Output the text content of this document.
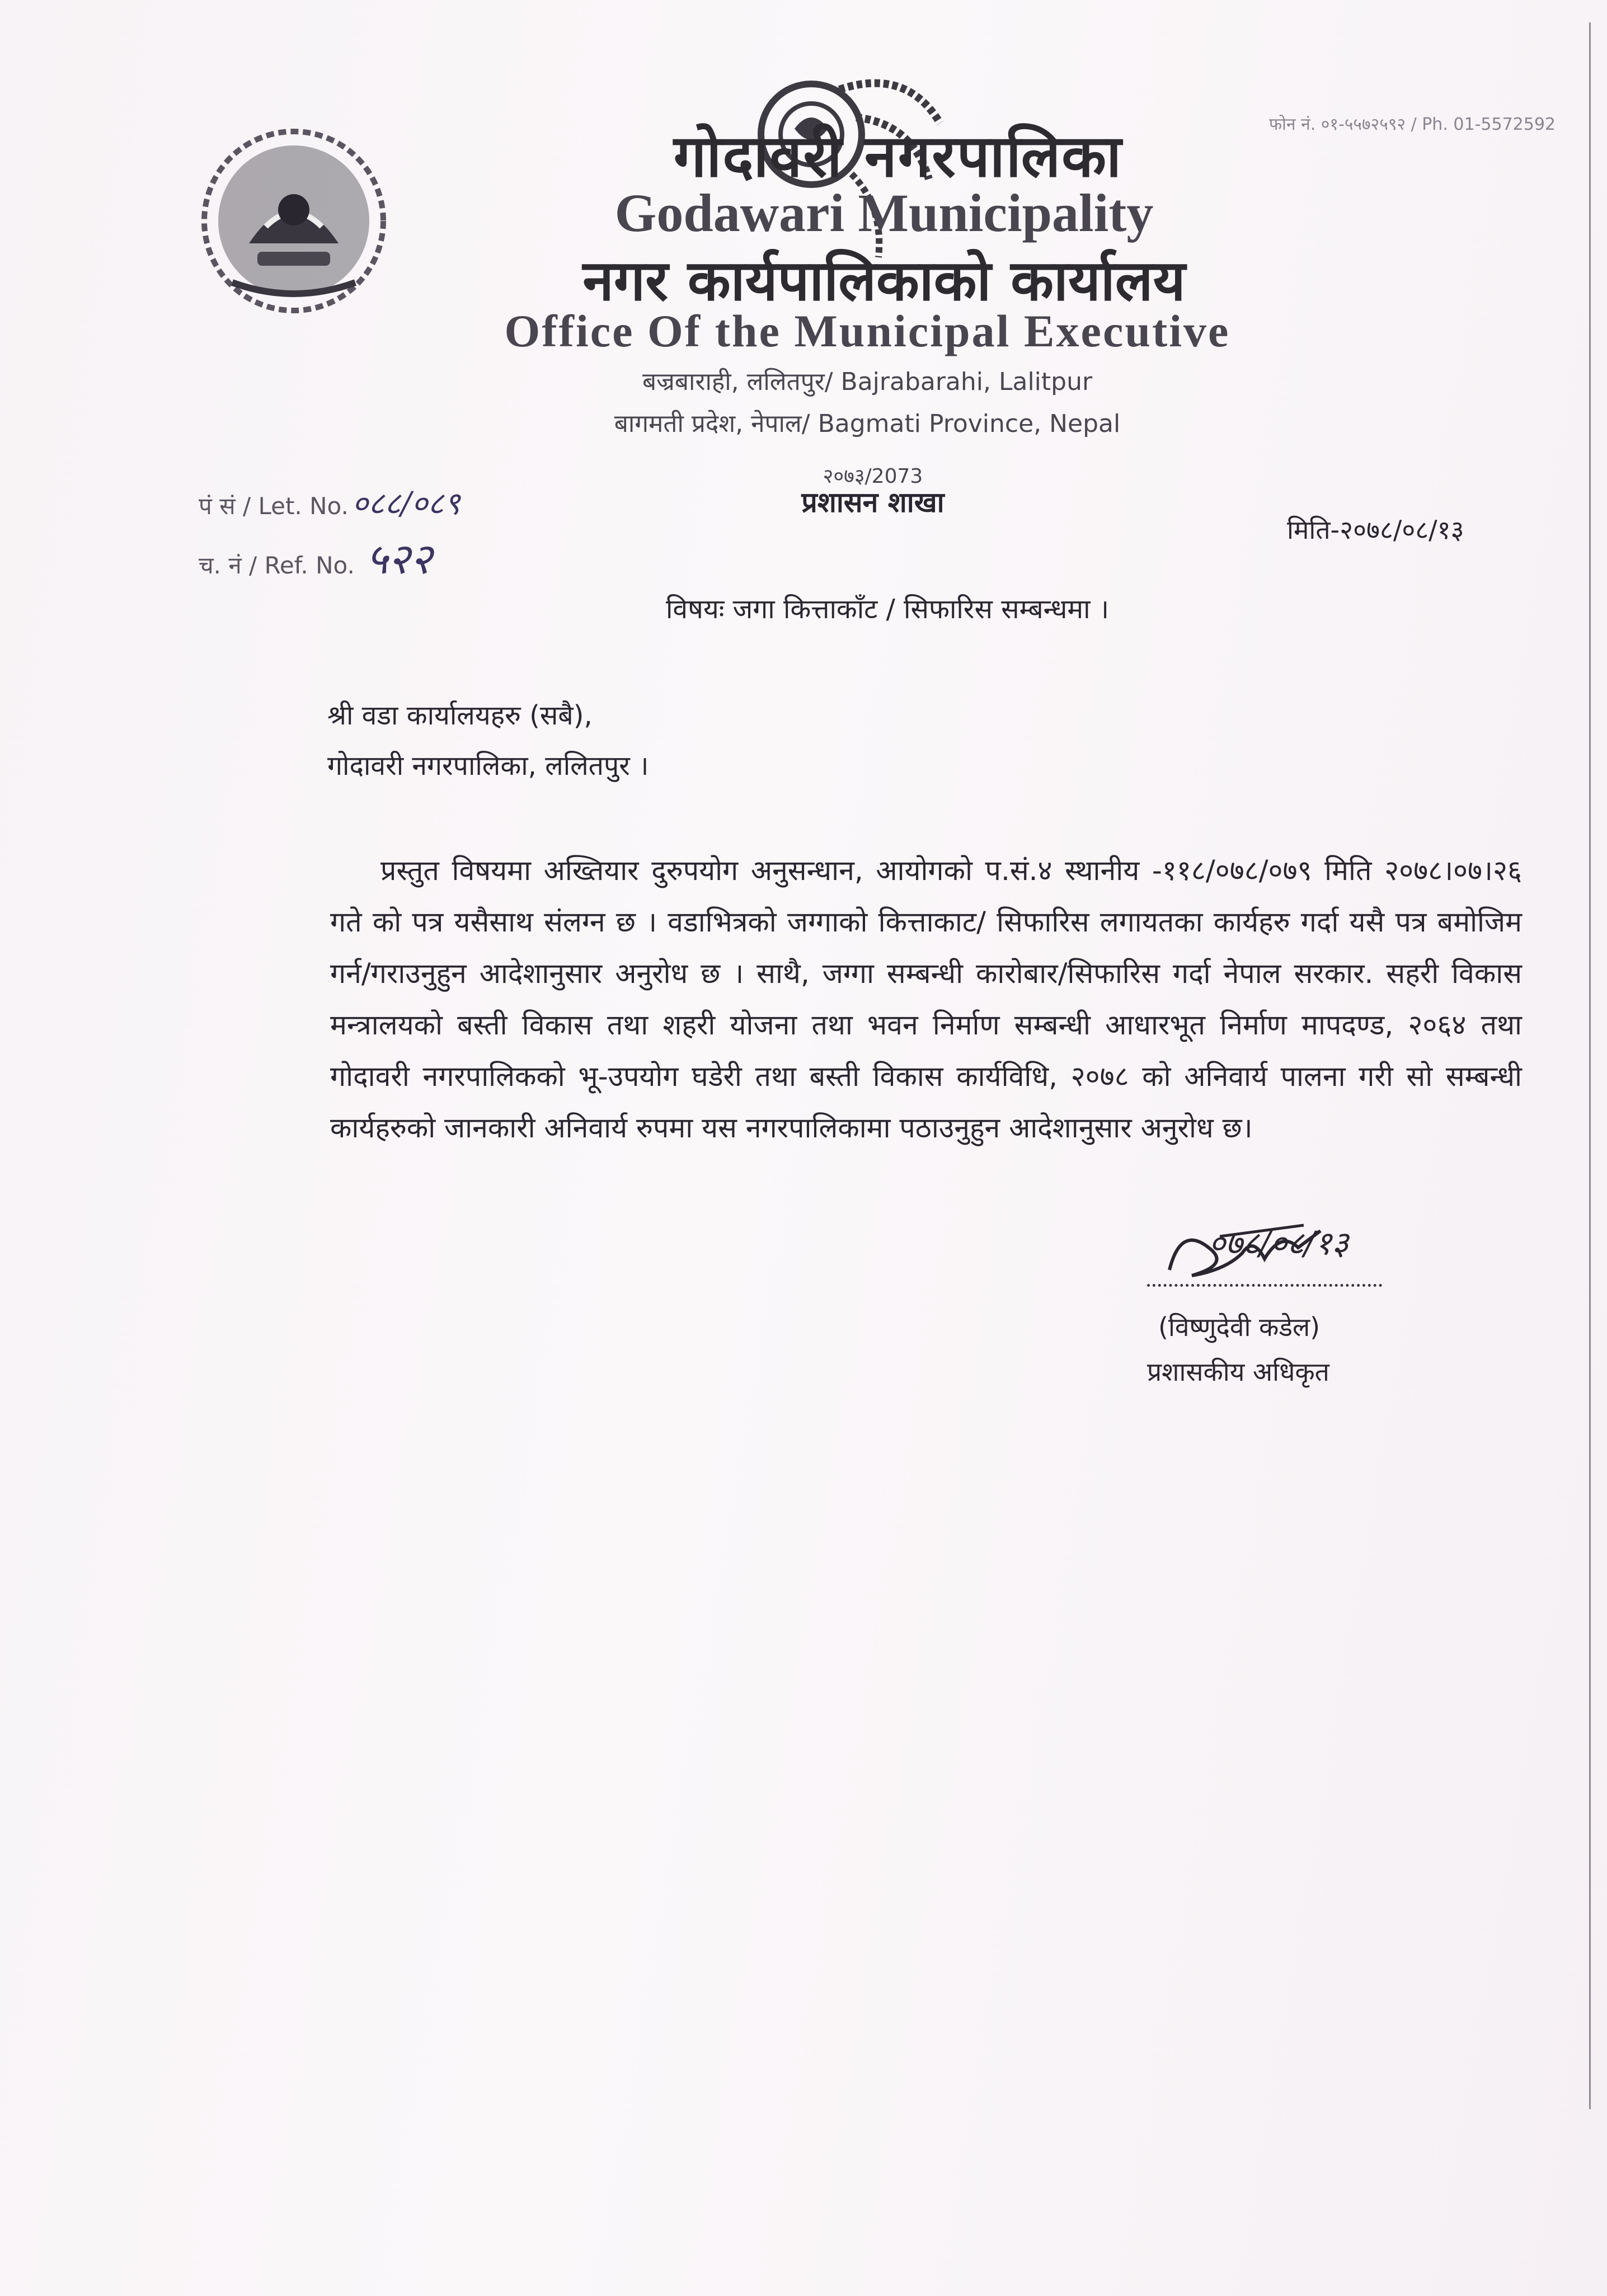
फोन नं. ०१-५५७२५९२ / Ph. 01-5572592
गोदावरी नगरपालिका
Godawari Municipality
नगर कार्यपालिकाको कार्यालय
Office Of the Municipal Executive
बज्रबाराही, ललितपुर/ Bajrabarahi, Lalitpur
बागमती प्रदेश, नेपाल/ Bagmati Province, Nepal
पं सं / Let. No. ०८८/०८९
च. नं / Ref. No. ५२२
२०७३/2073
प्रशासन शाखा
मिति-२०७८/०८/१३
विषयः जगा कित्ताकाँट / सिफारिस सम्बन्धमा ।
श्री वडा कार्यालयहरु (सबै),
गोदावरी नगरपालिका, ललितपुर ।

प्रस्तुत विषयमा अख्तियार दुरुपयोग अनुसन्धान, आयोगको प.सं.४ स्थानीय -११८/०७८/०७९ मिति २०७८।०७।२६ गते को पत्र यसैसाथ संलग्न छ । वडाभित्रको जग्गाको कित्ताकाट/ सिफारिस लगायतका कार्यहरु गर्दा यसै पत्र बमोजिम गर्न/गराउनुहुन आदेशानुसार अनुरोध छ । साथै, जग्गा सम्बन्धी कारोबार/सिफारिस गर्दा नेपाल सरकार. सहरी विकास मन्त्रालयको बस्ती विकास तथा शहरी योजना तथा भवन निर्माण सम्बन्धी आधारभूत निर्माण मापदण्ड, २०६४ तथा गोदावरी नगरपालिकको भू-उपयोग घडेरी तथा बस्ती विकास कार्यविधि, २०७८ को अनिवार्य पालना गरी सो सम्बन्धी कार्यहरुको जानकारी अनिवार्य रुपमा यस नगरपालिकामा पठाउनुहुन आदेशानुसार अनुरोध छ।

०७८/०८/१३
(विष्णुदेवी कडेल)
प्रशासकीय अधिकृत
